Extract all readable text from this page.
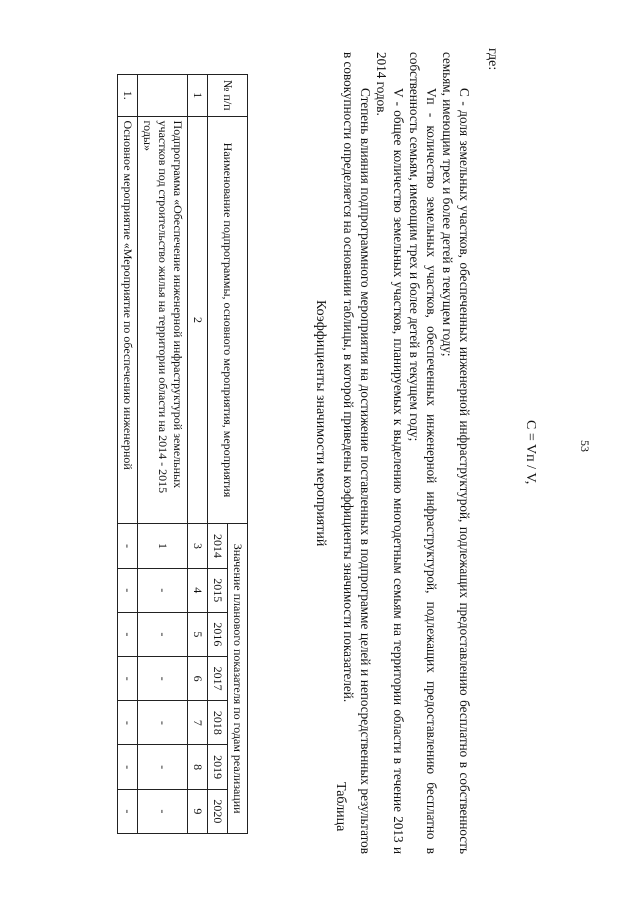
53
C = Vп / V,
где:

С - доля земельных участков, обеспеченных инженерной инфраструктурой, подлежащих предоставлению бесплатно в собственность семьям, имеющим трех и более детей в текущем году;

Vп - количество земельных участков, обеспеченных инженерной инфраструктурой, подлежащих предоставлению бесплатно в собственность семьям, имеющим трех и более детей в текущем году;

V - общее количество земельных участков, планируемых к выделению многодетным семьям на территории области в течение 2013 и 2014 годов.

Степень влияния подпрограммного мероприятия на достижение поставленных в подпрограмме целей и непосредственных результатов в совокупности определяется на основании таблицы, в которой приведены коэффициенты значимости показателей.

Таблица
Коэффициенты значимости мероприятий
№ п/п	Наименование подпрограммы, основного мероприятия, мероприятия	Значение планового показателя по годам реализации						
		2014	2015	2016	2017	2018	2019	2020
1	2	3	4	5	6	7	8	9
	Подпрограмма «Обеспечение инженерной инфраструктурой земельных участков под строительство жилья на территории области на 2014 - 2015 годы»	1	-	-	-	-	-	-
1.	Основное мероприятие «Мероприятие по обеспечению инженерной	-	-	-	-	-	-	-
